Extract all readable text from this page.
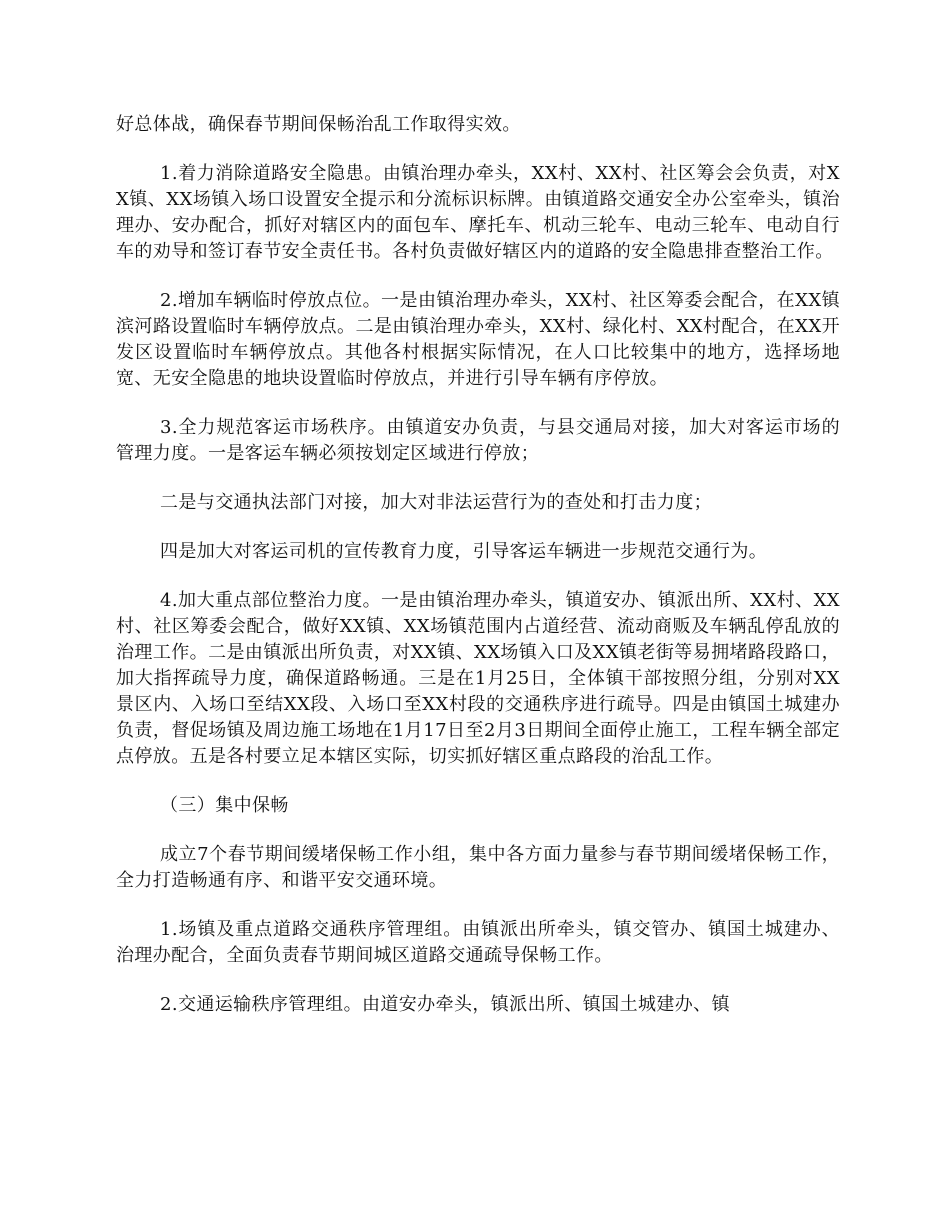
好总体战，确保春节期间保畅治乱工作取得实效。

1.着力消除道路安全隐患。由镇治理办牵头，XX村、XX村、社区筹会会负责，对XX镇、XX场镇入场口设置安全提示和分流标识标牌。由镇道路交通安全办公室牵头，镇治理办、安办配合，抓好对辖区内的面包车、摩托车、机动三轮车、电动三轮车、电动自行车的劝导和签订春节安全责任书。各村负责做好辖区内的道路的安全隐患排查整治工作。

2.增加车辆临时停放点位。一是由镇治理办牵头，XX村、社区筹委会配合，在XX镇滨河路设置临时车辆停放点。二是由镇治理办牵头，XX村、绿化村、XX村配合，在XX开发区设置临时车辆停放点。其他各村根据实际情况，在人口比较集中的地方，选择场地宽、无安全隐患的地块设置临时停放点，并进行引导车辆有序停放。

3.全力规范客运市场秩序。由镇道安办负责，与县交通局对接，加大对客运市场的管理力度。一是客运车辆必须按划定区域进行停放；

二是与交通执法部门对接，加大对非法运营行为的查处和打击力度；

四是加大对客运司机的宣传教育力度，引导客运车辆进一步规范交通行为。

4.加大重点部位整治力度。一是由镇治理办牵头，镇道安办、镇派出所、XX村、XX村、社区筹委会配合，做好XX镇、XX场镇范围内占道经营、流动商贩及车辆乱停乱放的治理工作。二是由镇派出所负责，对XX镇、XX场镇入口及XX镇老街等易拥堵路段路口，加大指挥疏导力度，确保道路畅通。三是在1月25日，全体镇干部按照分组，分别对XX景区内、入场口至结XX段、入场口至XX村段的交通秩序进行疏导。四是由镇国土城建办负责，督促场镇及周边施工场地在1月17日至2月3日期间全面停止施工，工程车辆全部定点停放。五是各村要立足本辖区实际，切实抓好辖区重点路段的治乱工作。

（三）集中保畅

成立7个春节期间缓堵保畅工作小组，集中各方面力量参与春节期间缓堵保畅工作，全力打造畅通有序、和谐平安交通环境。

1.场镇及重点道路交通秩序管理组。由镇派出所牵头，镇交管办、镇国土城建办、治理办配合，全面负责春节期间城区道路交通疏导保畅工作。

2.交通运输秩序管理组。由道安办牵头，镇派出所、镇国土城建办、镇
